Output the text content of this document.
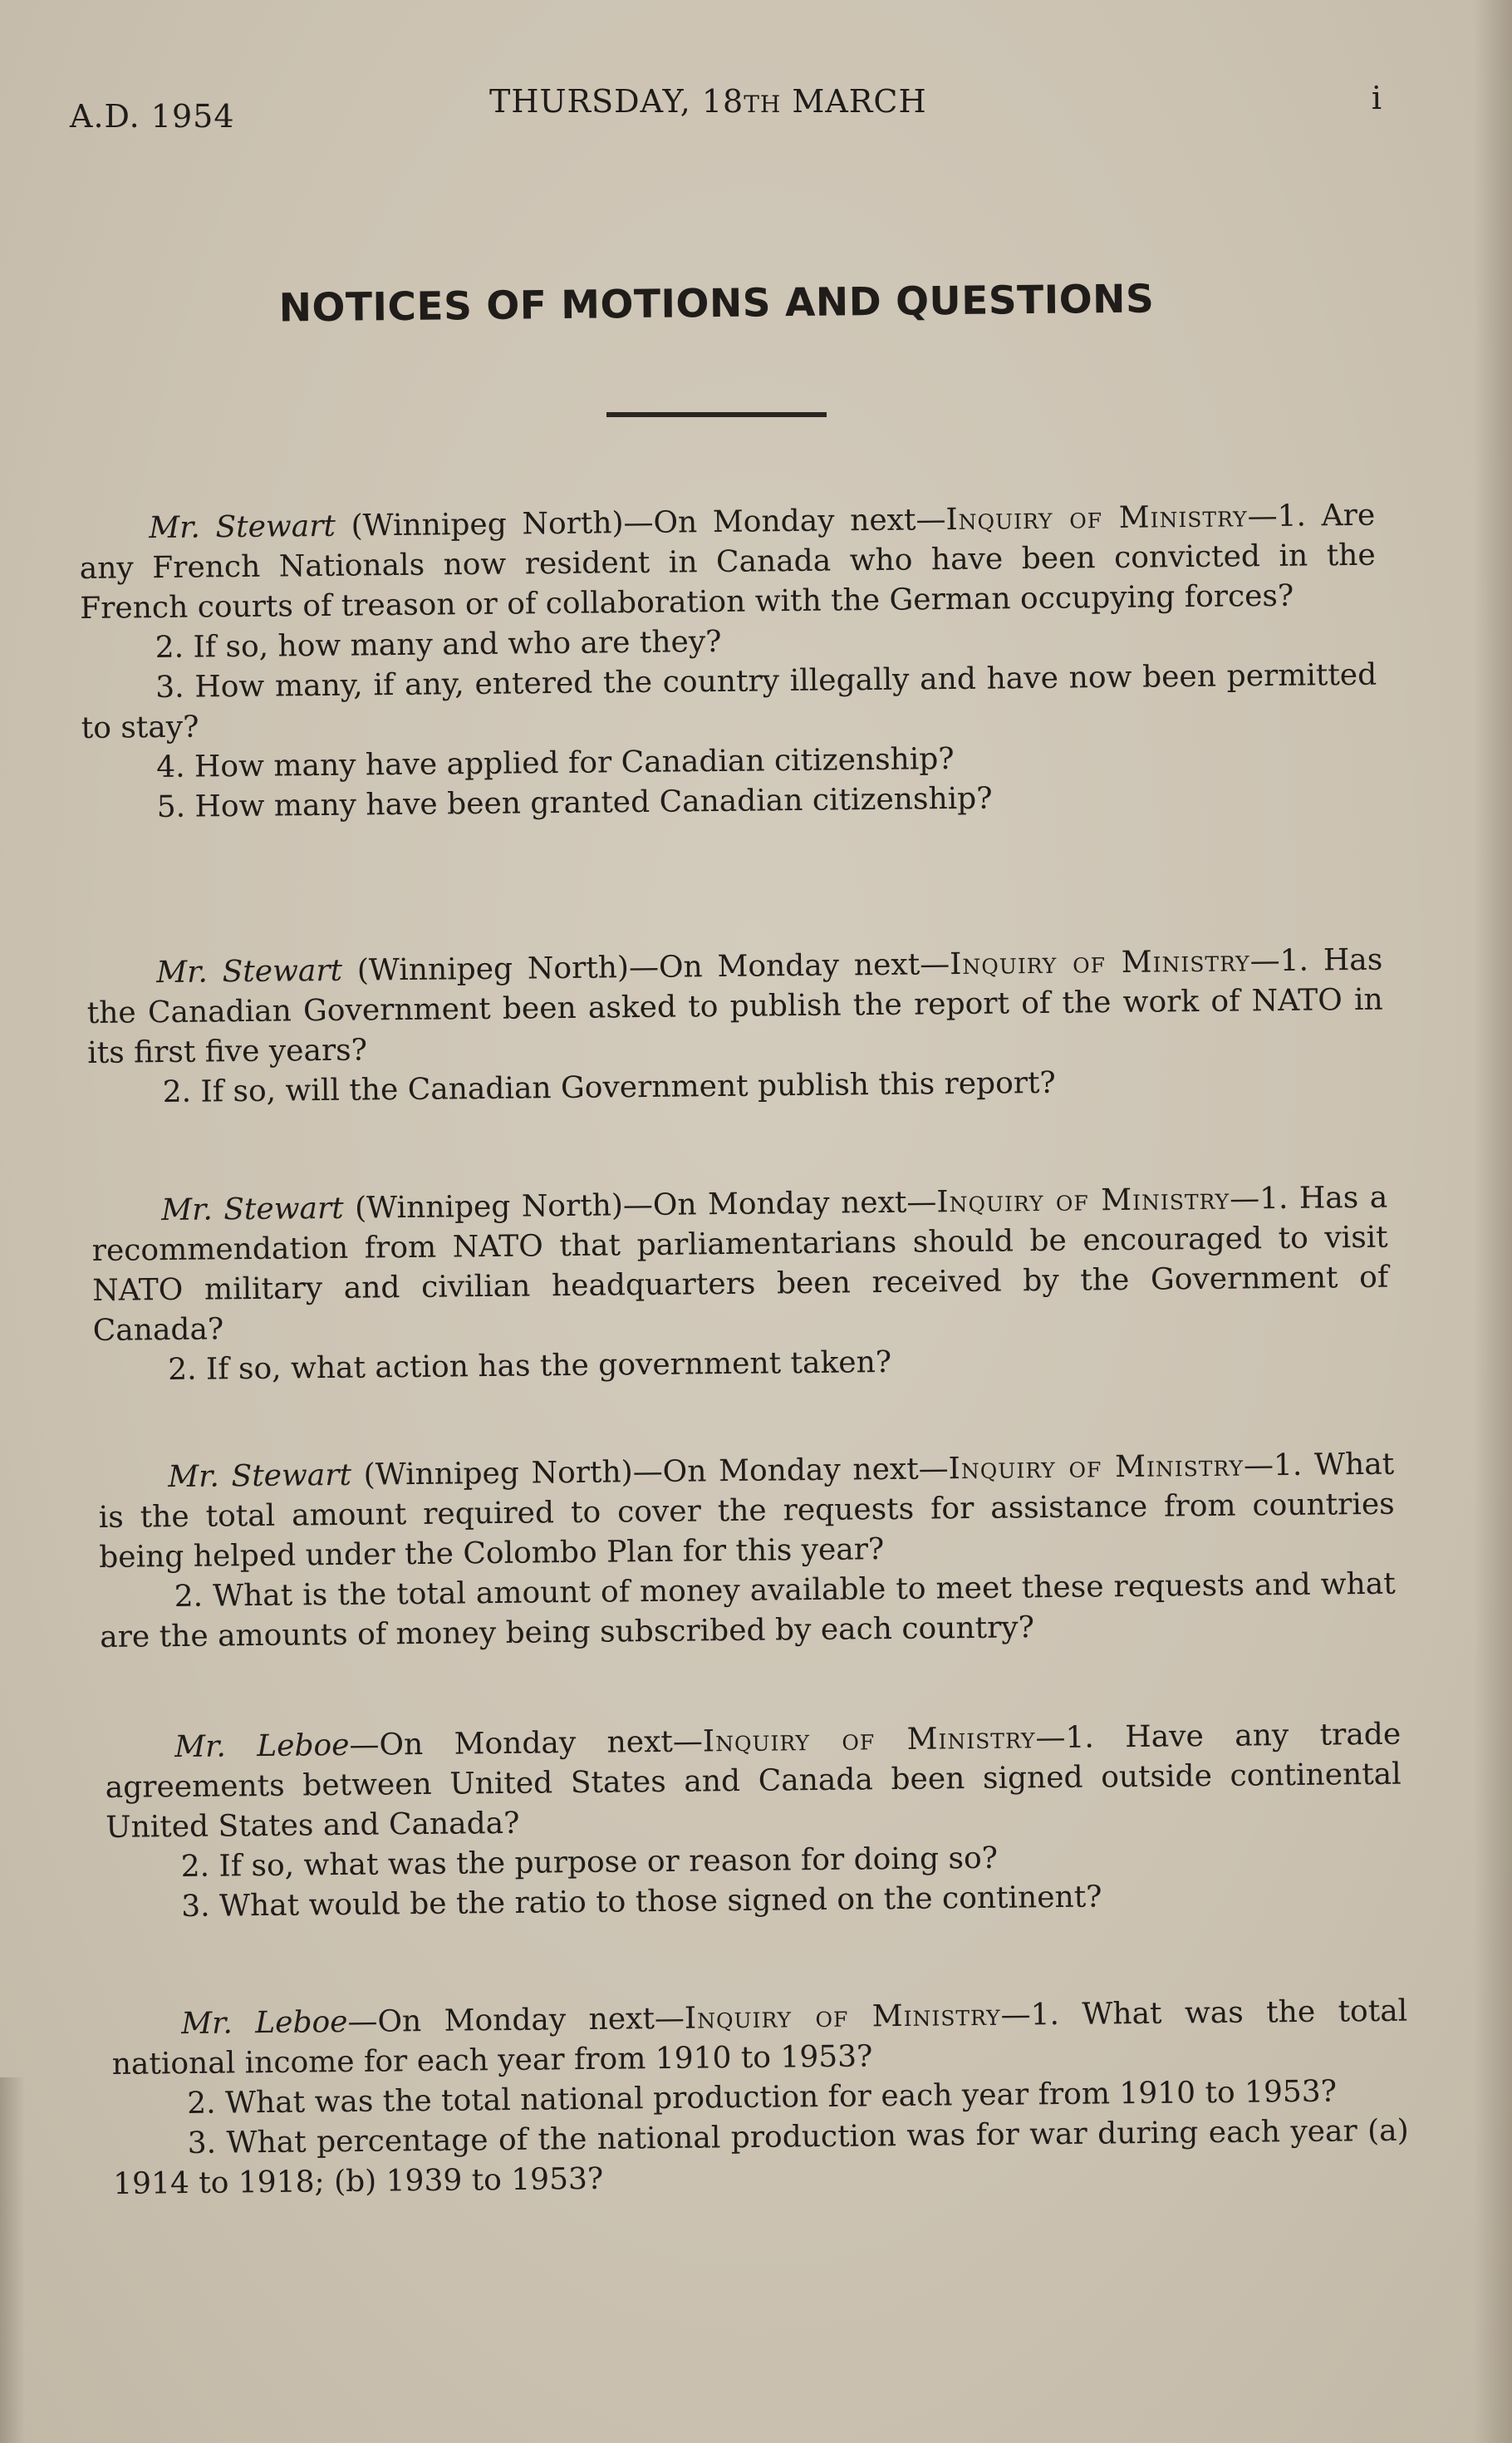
A.D. 1954	THURSDAY, 18TH MARCH	i
NOTICES OF MOTIONS AND QUESTIONS

Mr. Stewart (Winnipeg North)—On Monday next—Inquiry of Ministry—1. Are any French Nationals now resident in Canada who have been convicted in the French courts of treason or of collaboration with the German occupying forces?

2. If so, how many and who are they?

3. How many, if any, entered the country illegally and have now been permitted to stay?

4. How many have applied for Canadian citizenship?

5. How many have been granted Canadian citizenship?

Mr. Stewart (Winnipeg North)—On Monday next—Inquiry of Ministry—1. Has the Canadian Government been asked to publish the report of the work of NATO in its first five years?

2. If so, will the Canadian Government publish this report?

Mr. Stewart (Winnipeg North)—On Monday next—Inquiry of Ministry—1. Has a recommendation from NATO that parliamentarians should be encouraged to visit NATO military and civilian headquarters been received by the Government of Canada?

2. If so, what action has the government taken?

Mr. Stewart (Winnipeg North)—On Monday next—Inquiry of Ministry—1. What is the total amount required to cover the requests for assistance from countries being helped under the Colombo Plan for this year?

2. What is the total amount of money available to meet these requests and what are the amounts of money being subscribed by each country?

Mr. Leboe—On Monday next—Inquiry of Ministry—1. Have any trade agreements between United States and Canada been signed outside continental United States and Canada?

2. If so, what was the purpose or reason for doing so?

3. What would be the ratio to those signed on the continent?

Mr. Leboe—On Monday next—Inquiry of Ministry—1. What was the total national income for each year from 1910 to 1953?

2. What was the total national production for each year from 1910 to 1953?

3. What percentage of the national production was for war during each year (a) 1914 to 1918; (b) 1939 to 1953?
